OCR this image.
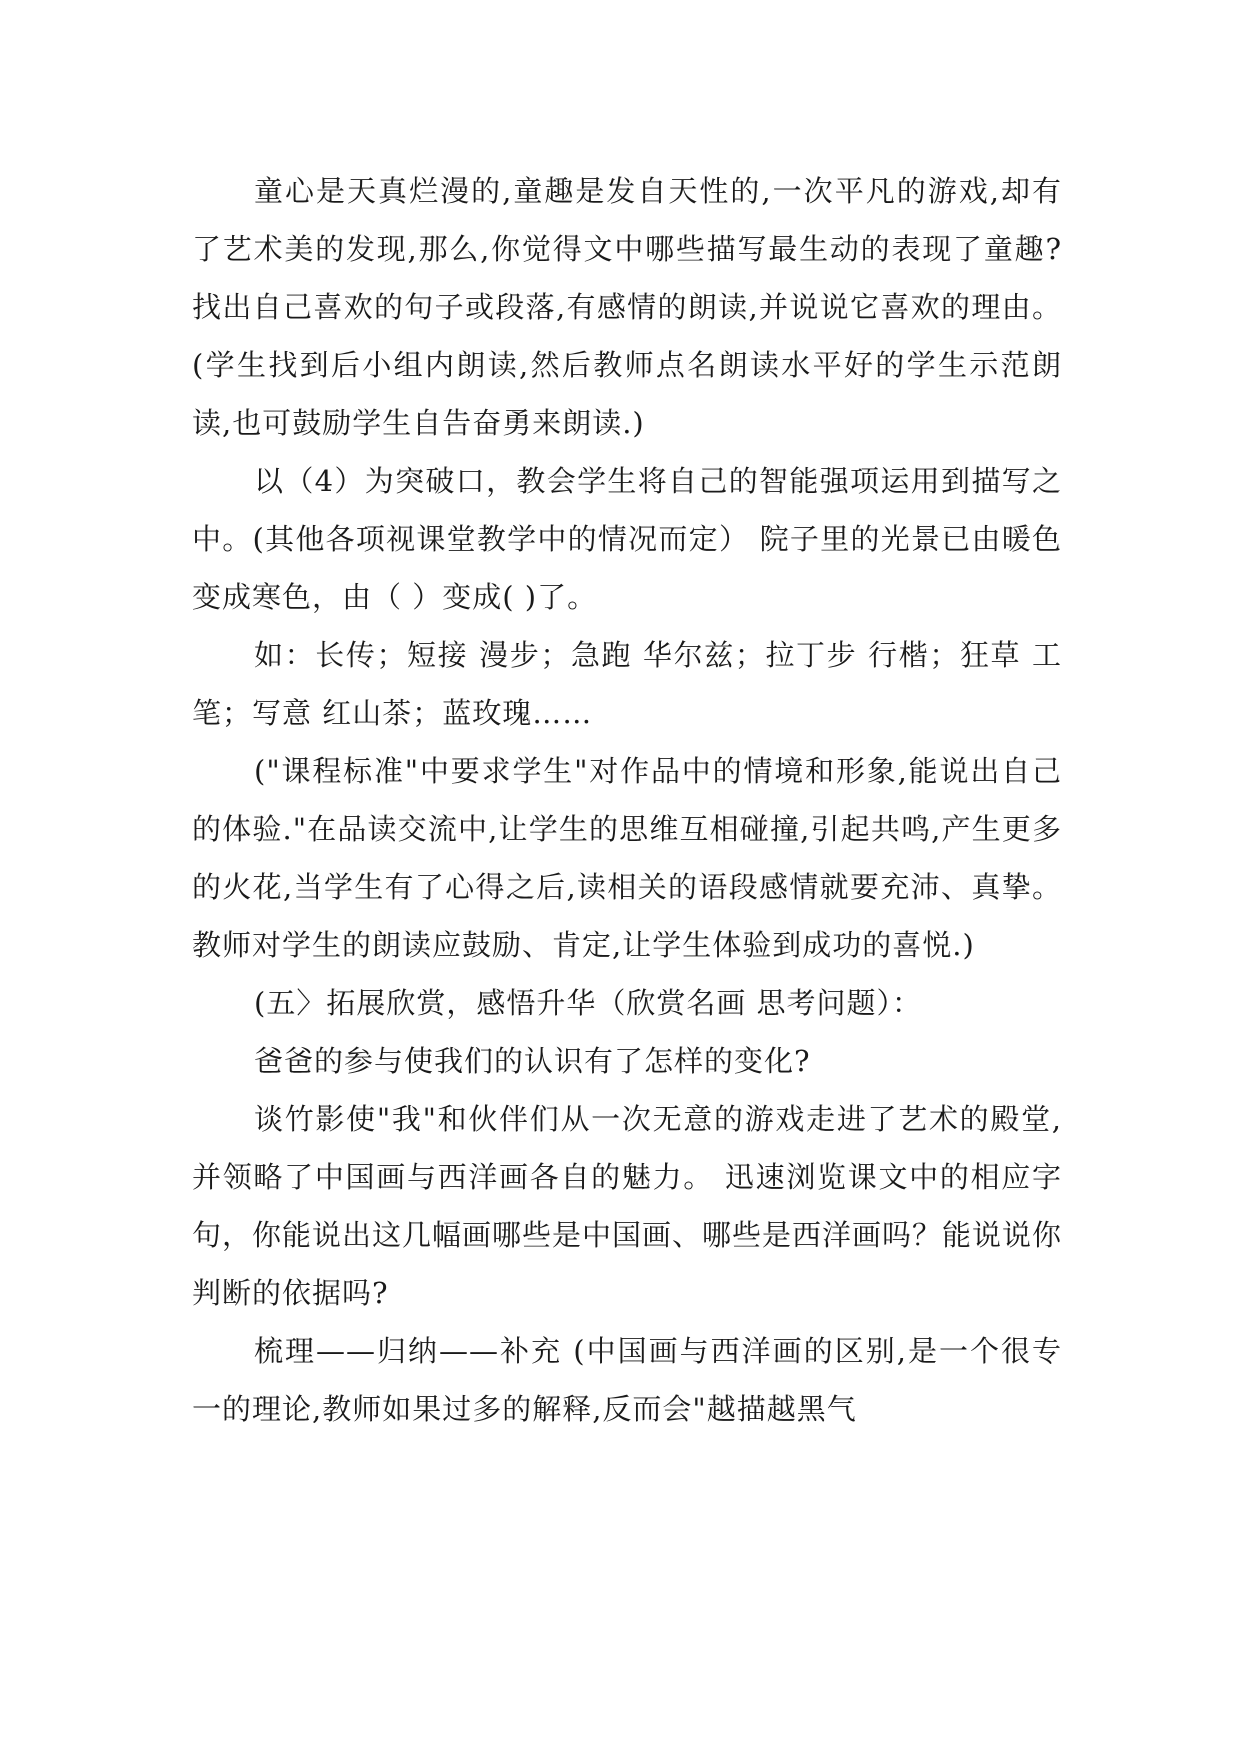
童心是天真烂漫的,童趣是发自天性的,一次平凡的游戏,却有了艺术美的发现,那么,你觉得文中哪些描写最生动的表现了童趣?找出自己喜欢的句子或段落,有感情的朗读,并说说它喜欢的理由。(学生找到后小组内朗读,然后教师点名朗读水平好的学生示范朗读,也可鼓励学生自告奋勇来朗读.)

以（4）为突破口，教会学生将自己的智能强项运用到描写之中。(其他各项视课堂教学中的情况而定） 院子里的光景已由暖色变成寒色，由（ ）变成( )了。

如：长传；短接 漫步；急跑 华尔兹；拉丁步 行楷；狂草 工笔；写意 红山茶；蓝玫瑰……

("课程标准"中要求学生"对作品中的情境和形象,能说出自己的体验."在品读交流中,让学生的思维互相碰撞,引起共鸣,产生更多的火花,当学生有了心得之后,读相关的语段感情就要充沛、真挚。教师对学生的朗读应鼓励、肯定,让学生体验到成功的喜悦.)

(五〉拓展欣赏，感悟升华（欣赏名画 思考问题）：

爸爸的参与使我们的认识有了怎样的变化?

谈竹影使"我"和伙伴们从一次无意的游戏走进了艺术的殿堂,并领略了中国画与西洋画各自的魅力。 迅速浏览课文中的相应字句，你能说出这几幅画哪些是中国画、哪些是西洋画吗？能说说你判断的依据吗?

梳理——归纳——补充 (中国画与西洋画的区别,是一个很专一的理论,教师如果过多的解释,反而会"越描越黑气
